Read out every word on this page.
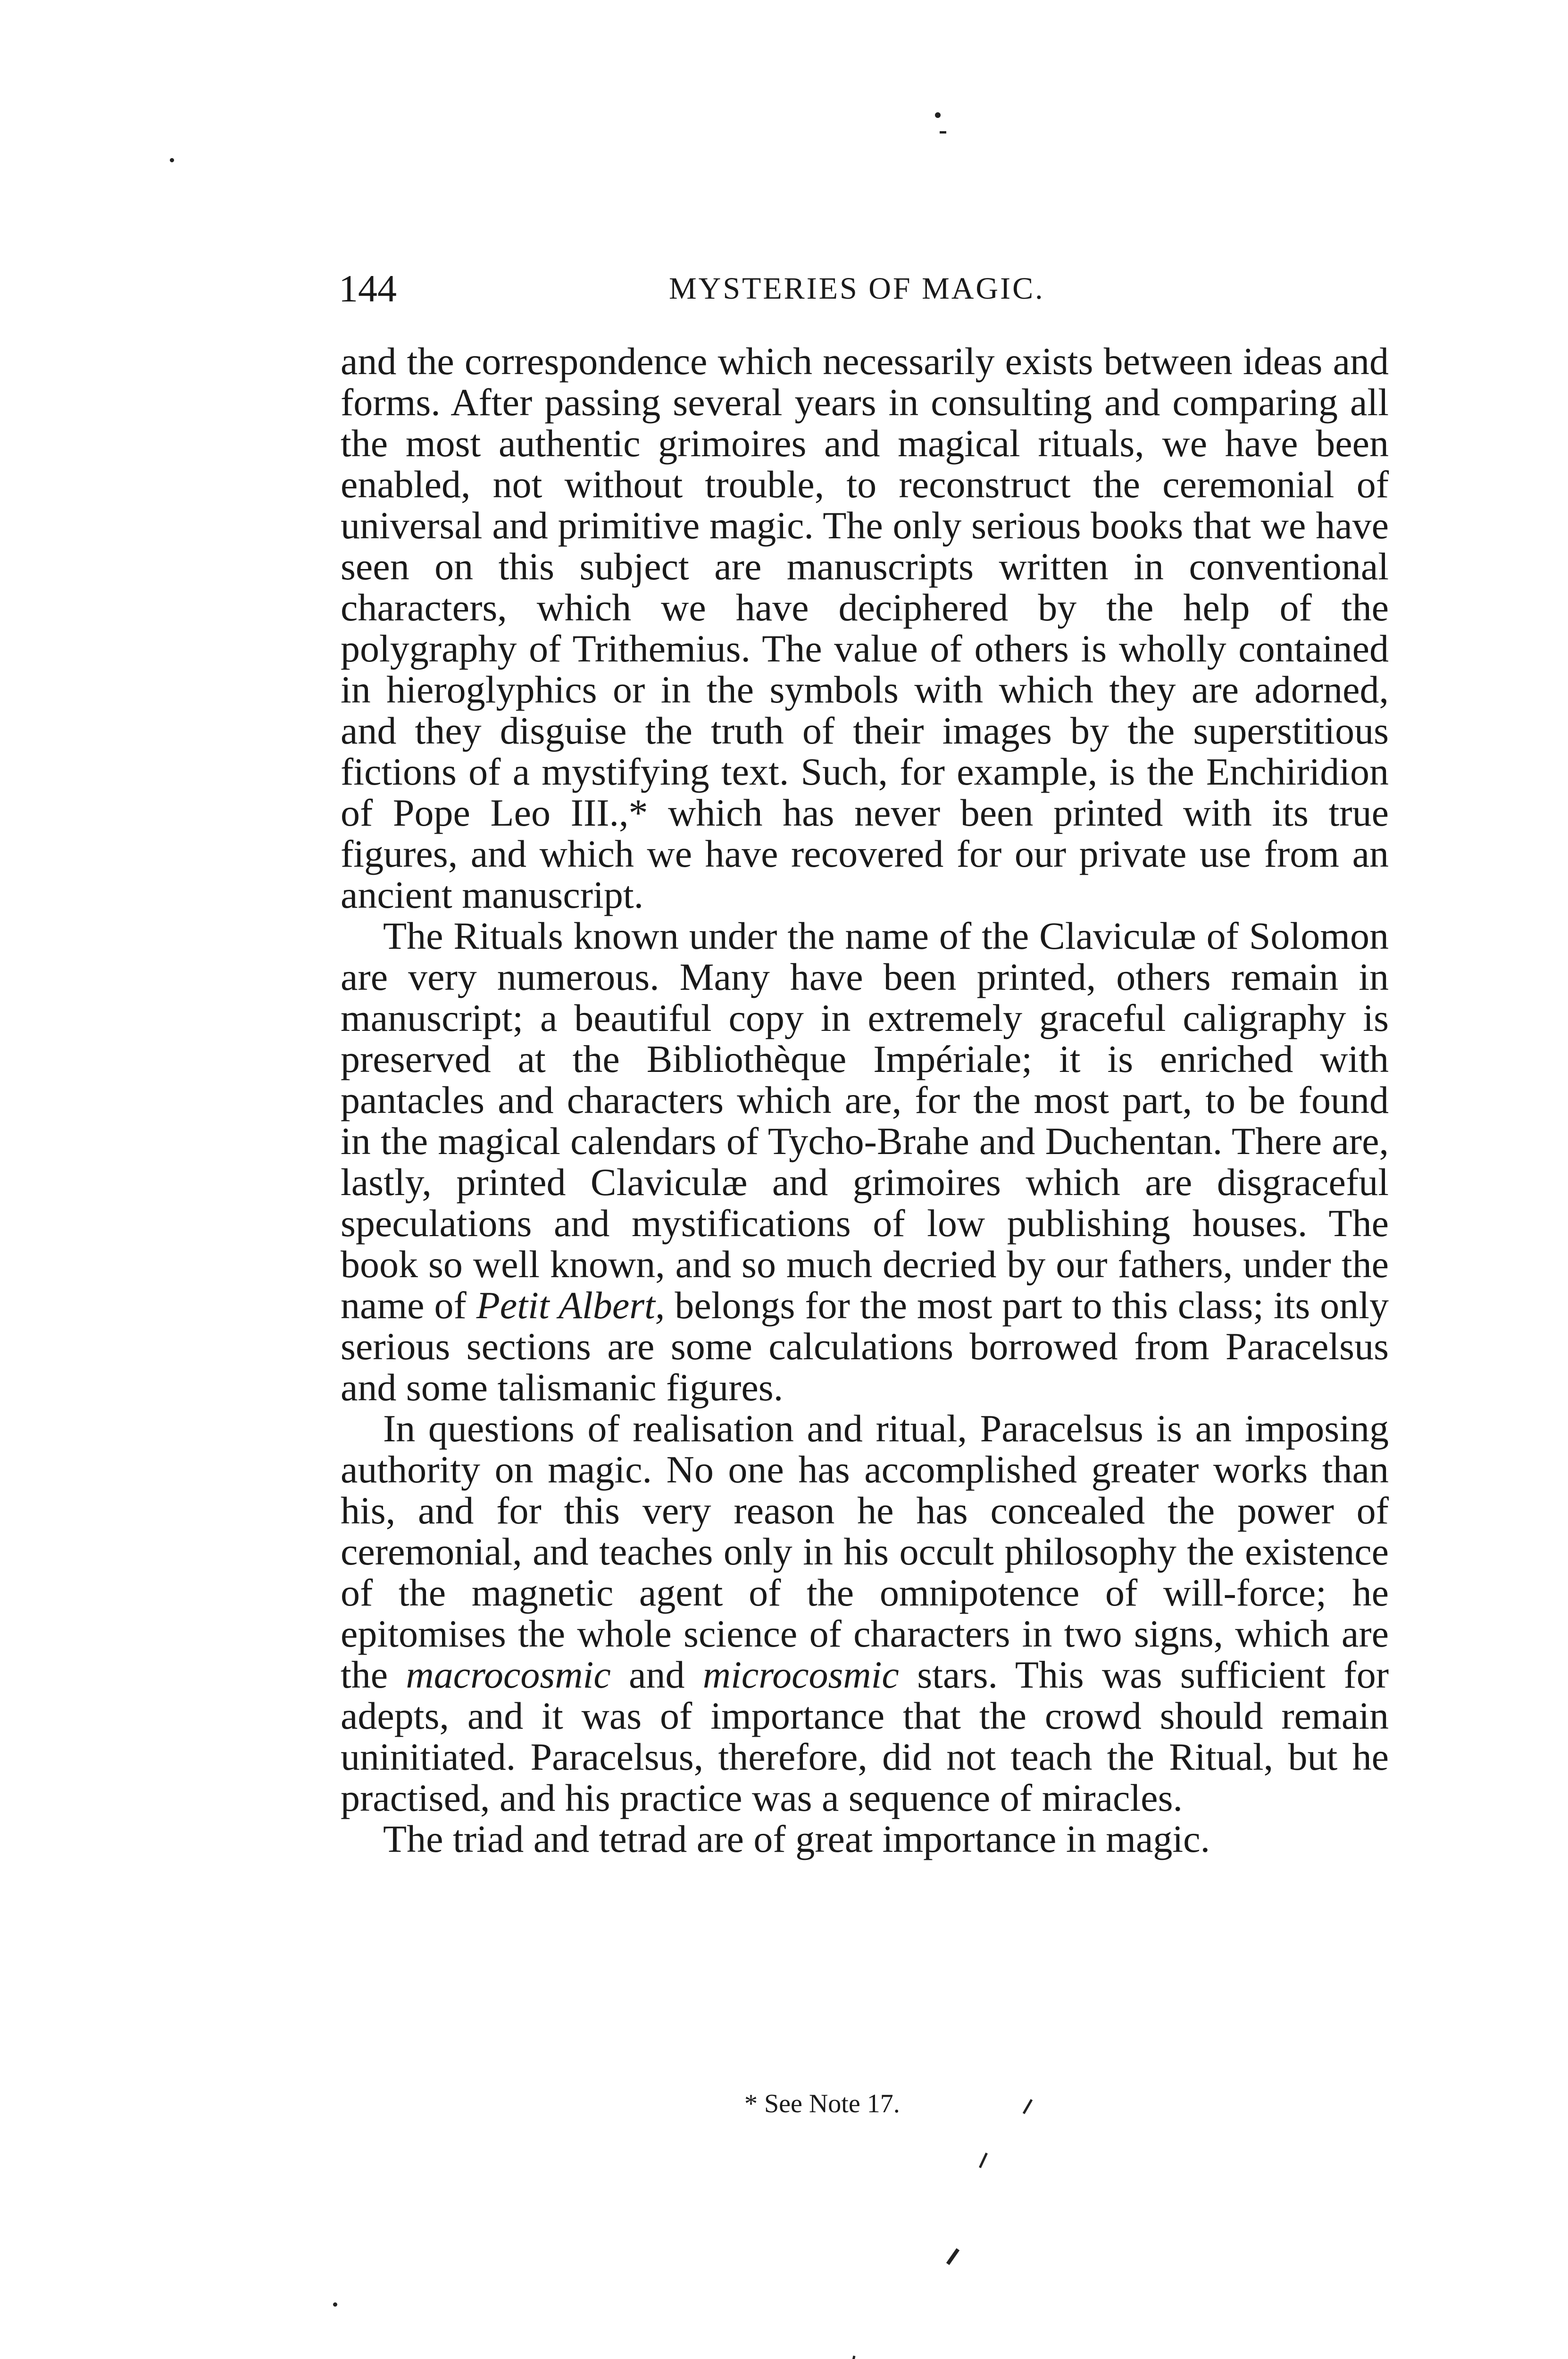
144	MYSTERIES OF MAGIC.

and the correspondence which necessarily exists between ideas and forms. After passing several years in consulting and comparing all the most authentic grimoires and magical rituals, we have been enabled, not without trouble, to reconstruct the ceremonial of universal and primitive magic. The only serious books that we have seen on this subject are manuscripts written in conventional characters, which we have deciphered by the help of the polygraphy of Trithemius. The value of others is wholly contained in hieroglyphics or in the symbols with which they are adorned, and they disguise the truth of their images by the superstitious fictions of a mystifying text. Such, for example, is the Enchiridion of Pope Leo III.,* which has never been printed with its true figures, and which we have recovered for our private use from an ancient manuscript.

The Rituals known under the name of the Claviculæ of Solomon are very numerous. Many have been printed, others remain in manuscript; a beautiful copy in extremely graceful caligraphy is preserved at the Bibliothèque Impériale; it is enriched with pantacles and characters which are, for the most part, to be found in the magical calendars of Tycho-Brahe and Duchentan. There are, lastly, printed Claviculæ and grimoires which are disgraceful speculations and mystifications of low publishing houses. The book so well known, and so much decried by our fathers, under the name of Petit Albert, belongs for the most part to this class; its only serious sections are some calculations borrowed from Paracelsus and some talismanic figures.

In questions of realisation and ritual, Paracelsus is an imposing authority on magic. No one has accomplished greater works than his, and for this very reason he has concealed the power of ceremonial, and teaches only in his occult philosophy the existence of the magnetic agent of the omnipotence of will-force; he epitomises the whole science of characters in two signs, which are the macrocosmic and microcosmic stars. This was sufficient for adepts, and it was of importance that the crowd should remain uninitiated. Paracelsus, therefore, did not teach the Ritual, but he practised, and his practice was a sequence of miracles.

The triad and tetrad are of great importance in magic.

* See Note 17.
